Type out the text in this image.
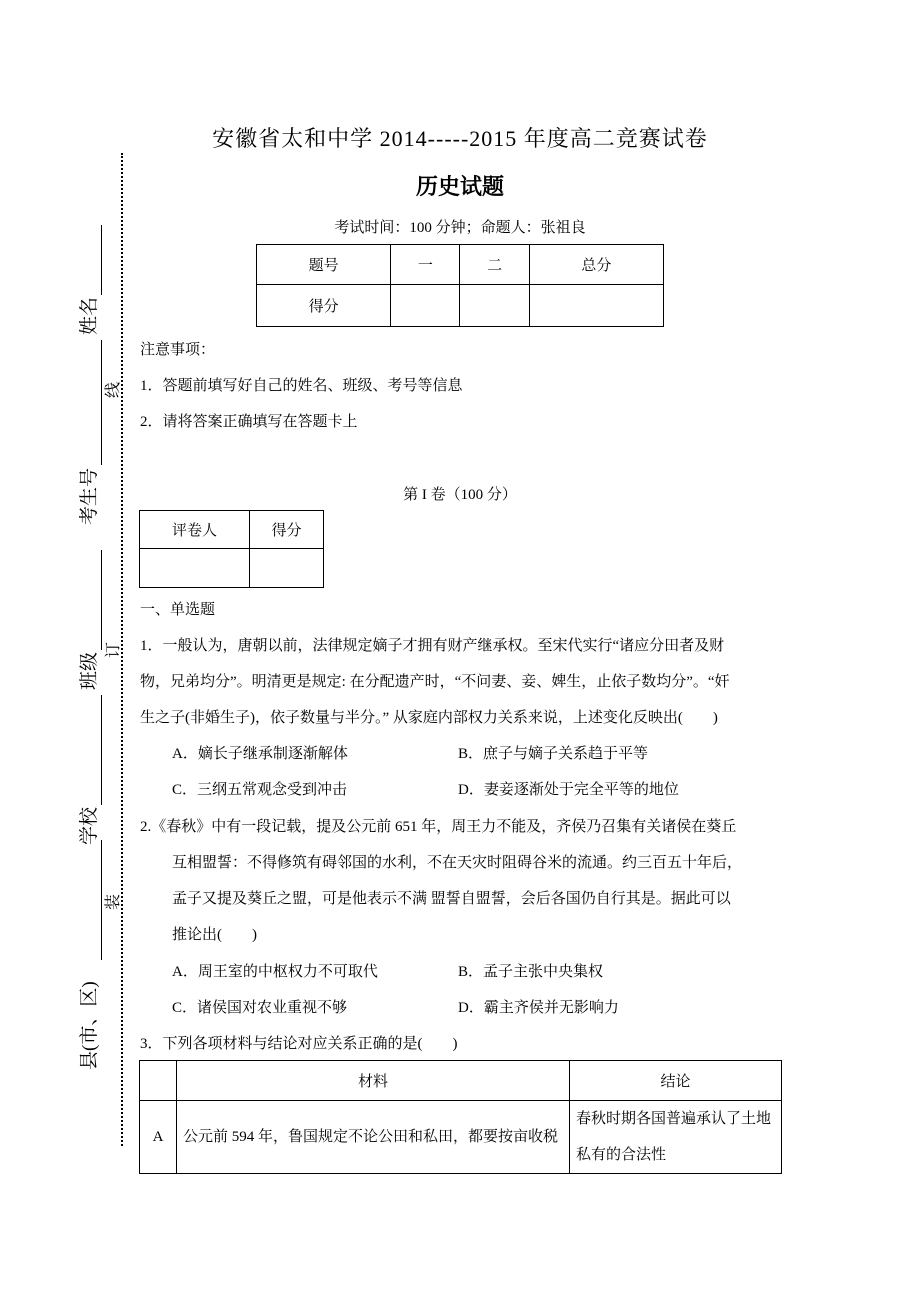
安徽省太和中学 2014-----2015 年度高二竞赛试卷
历史试题
考试时间：100 分钟；命题人：张祖良
题号	一	二	总分
得分			
注意事项：
1．答题前填写好自己的姓名、班级、考号等信息
2．请将答案正确填写在答题卡上
第 I 卷（100 分）
评卷人	得分

一、单选题
1．一般认为，唐朝以前，法律规定嫡子才拥有财产继承权。至宋代实行“诸应分田者及财
物，兄弟均分”。明清更是规定: 在分配遗产时，“不问妻、妾、婢生，止依子数均分”。“奸
生之子(非婚生子)，依子数量与半分。” 从家庭内部权力关系来说，上述变化反映出(　　)
A．嫡长子继承制逐渐解体	B．庶子与嫡子关系趋于平等
C．三纲五常观念受到冲击	D．妻妾逐渐处于完全平等的地位
2.《春秋》中有一段记载，提及公元前 651 年，周王力不能及，齐侯乃召集有关诸侯在葵丘
互相盟誓：不得修筑有碍邻国的水利，不在天灾时阻碍谷米的流通。约三百五十年后，
孟子又提及葵丘之盟，可是他表示不满 盟誓自盟誓，会后各国仍自行其是。据此可以
推论出(　　)
A．周王室的中枢权力不可取代	B．孟子主张中央集权
C．诸侯国对农业重视不够	D．霸主齐侯并无影响力
3．下列各项材料与结论对应关系正确的是(　　)
	材料	结论
A	公元前 594 年，鲁国规定不论公田和私田，都要按亩收税	春秋时期各国普遍承认了土地私有的合法性
县(市、区)
学校
班级
考生号
姓名
装
订
线
